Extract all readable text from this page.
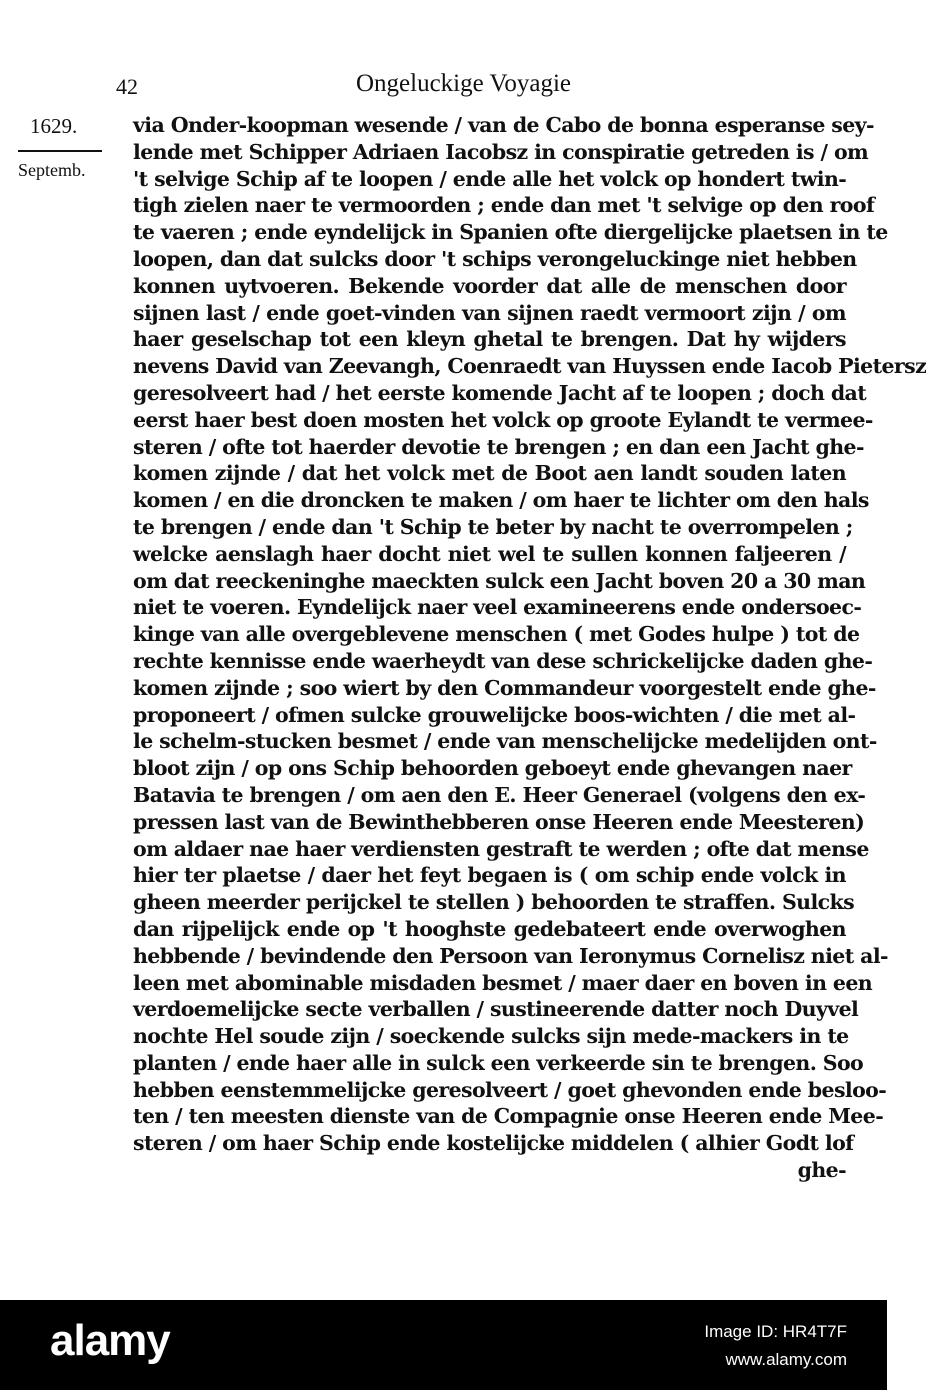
42	Ongeluckige Voyagie
1629.
Septemb.
via Onder-koopman wesende / van de Cabo de bonna esperanse sey-
lende met Schipper Adriaen Iacobsz in conspiratie getreden is / om
't selvige Schip af te loopen / ende alle het volck op hondert twin-
tigh zielen naer te vermoorden ; ende dan met 't selvige op den roof
te vaeren ; ende eyndelijck in Spanien ofte diergelijcke plaetsen in te
loopen, dan dat sulcks door 't schips verongeluckinge niet hebben
konnen uytvoeren. Bekende voorder dat alle de menschen door
sijnen last / ende goet-vinden van sijnen raedt vermoort zijn / om
haer geselschap tot een kleyn ghetal te brengen. Dat hy wijders
nevens David van Zeevangh, Coenraedt van Huyssen ende Iacob Pietersz
geresolveert had / het eerste komende Jacht af te loopen ; doch dat
eerst haer best doen mosten het volck op groote Eylandt te vermee-
steren / ofte tot haerder devotie te brengen ; en dan een Jacht ghe-
komen zijnde / dat het volck met de Boot aen landt souden laten
komen / en die droncken te maken / om haer te lichter om den hals
te brengen / ende dan 't Schip te beter by nacht te overrompelen ;
welcke aenslagh haer docht niet wel te sullen konnen faljeeren /
om dat reeckeninghe maeckten sulck een Jacht boven 20 a 30 man
niet te voeren. Eyndelijck naer veel examineerens ende ondersoec-
kinge van alle overgeblevene menschen ( met Godes hulpe ) tot de
rechte kennisse ende waerheydt van dese schrickelijcke daden ghe-
komen zijnde ; soo wiert by den Commandeur voorgestelt ende ghe-
proponeert / ofmen sulcke grouwelijcke boos-wichten / die met al-
le schelm-stucken besmet / ende van menschelijcke medelijden ont-
bloot zijn / op ons Schip behoorden geboeyt ende ghevangen naer
Batavia te brengen / om aen den E. Heer Generael (volgens den ex-
pressen last van de Bewinthebberen onse Heeren ende Meesteren)
om aldaer nae haer verdiensten gestraft te werden ; ofte dat mense
hier ter plaetse / daer het feyt begaen is ( om schip ende volck in
gheen meerder perijckel te stellen ) behoorden te straffen. Sulcks
dan rijpelijck ende op 't hooghste gedebateert ende overwoghen
hebbende / bevindende den Persoon van Ieronymus Cornelisz niet al-
leen met abominable misdaden besmet / maer daer en boven in een
verdoemelijcke secte verballen / sustineerende datter noch Duyvel
nochte Hel soude zijn / soeckende sulcks sijn mede-mackers in te
planten / ende haer alle in sulck een verkeerde sin te brengen. Soo
hebben eenstemmelijcke geresolveert / goet ghevonden ende besloo-
ten / ten meesten dienste van de Compagnie onse Heeren ende Mee-
steren / om haer Schip ende kostelijcke middelen ( alhier Godt lof
ghe-
alamy	Image ID: HR4T7F
www.alamy.com
